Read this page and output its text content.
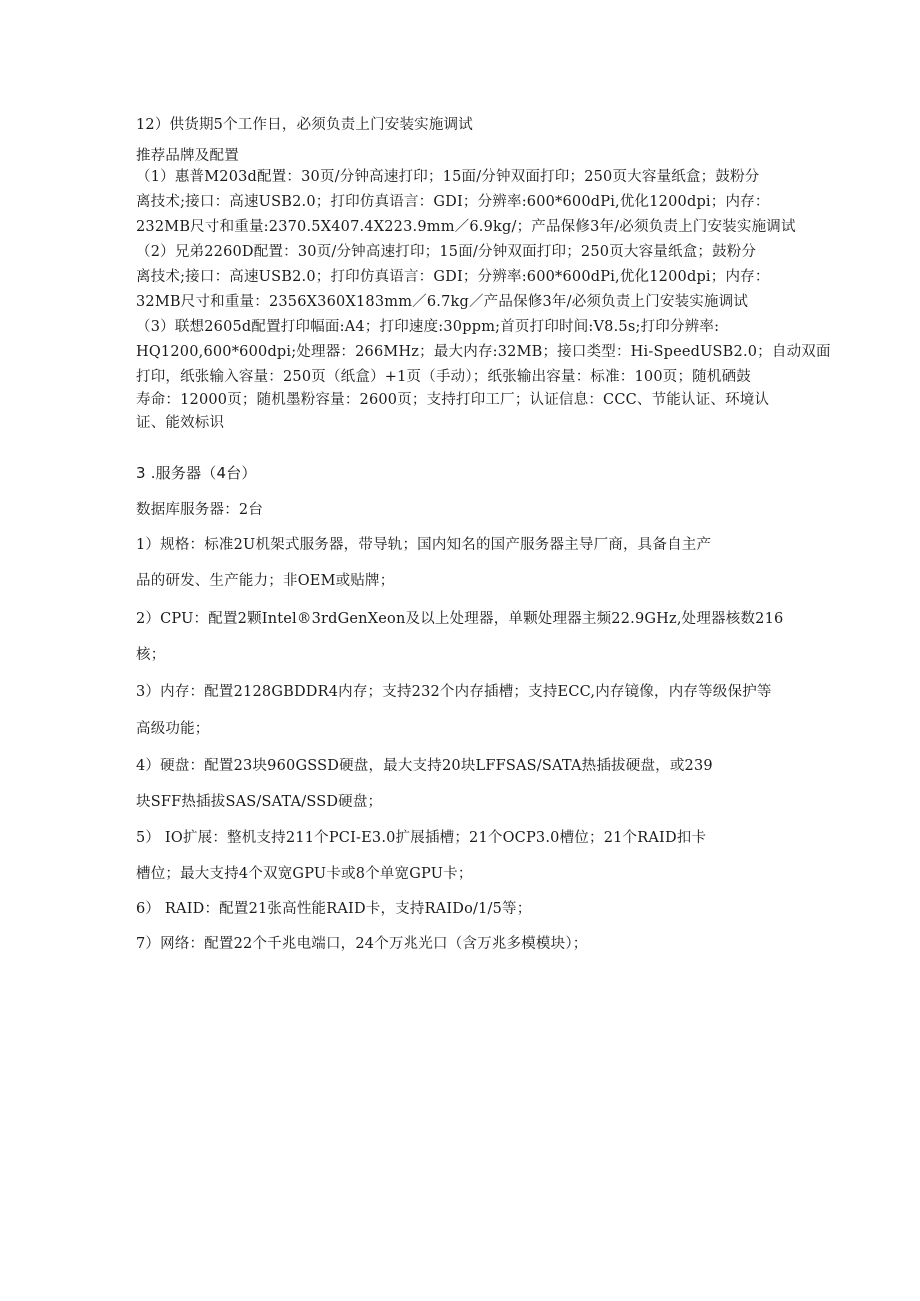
12）供货期5个工作日，必须负责上门安装实施调试

推荐品牌及配置

（1）惠普M203d配置：30页/分钟高速打印；15面/分钟双面打印；250页大容量纸盒；鼓粉分

离技术;接口：高速USB2.0；打印仿真语言：GDI；分辨率:600*600dPi,优化1200dpi；内存：

232MB尺寸和重量:2370.5X407.4X223.9mm／6.9kg/；产品保修3年/必须负责上门安装实施调试

（2）兄弟2260D配置：30页/分钟高速打印；15面/分钟双面打印；250页大容量纸盒；鼓粉分

离技术;接口：高速USB2.0；打印仿真语言：GDI；分辨率:600*600dPi,优化1200dpi；内存：

32MB尺寸和重量：2356X360X183mm／6.7kg／产品保修3年/必须负责上门安装实施调试

（3）联想2605d配置打印幅面:A4；打印速度:30ppm;首页打印时间:V8.5s;打印分辨率:

HQ1200,600*600dpi;处理器：266MHz；最大内存:32MB；接口类型：Hi-SpeedUSB2.0；自动双面

打印，纸张输入容量：250页（纸盒）+1页（手动）；纸张输出容量：标准：100页；随机硒鼓

寿命：12000页；随机墨粉容量：2600页；支持打印工厂；认证信息：CCC、节能认证、环境认

证、能效标识

3 .服务器（4台）

数据库服务器：2台

1）规格：标准2U机架式服务器，带导轨；国内知名的国产服务器主导厂商，具备自主产

品的研发、生产能力；非OEM或贴牌；

2）CPU：配置2颗Intel®3rdGenXeon及以上处理器，单颗处理器主频22.9GHz,处理器核数216

核；

3）内存：配置2128GBDDR4内存；支持232个内存插槽；支持ECC,内存镜像，内存等级保护等

高级功能；

4）硬盘：配置23块960GSSD硬盘，最大支持20块LFFSAS/SATA热插拔硬盘，或239

块SFF热插拔SAS/SATA/SSD硬盘；

5） IO扩展：整机支持211个PCI-E3.0扩展插槽；21个OCP3.0槽位；21个RAID扣卡

槽位；最大支持4个双宽GPU卡或8个单宽GPU卡；

6） RAID：配置21张高性能RAID卡，支持RAIDo/1/5等；

7）网络：配置22个千兆电端口，24个万兆光口（含万兆多模模块）；
